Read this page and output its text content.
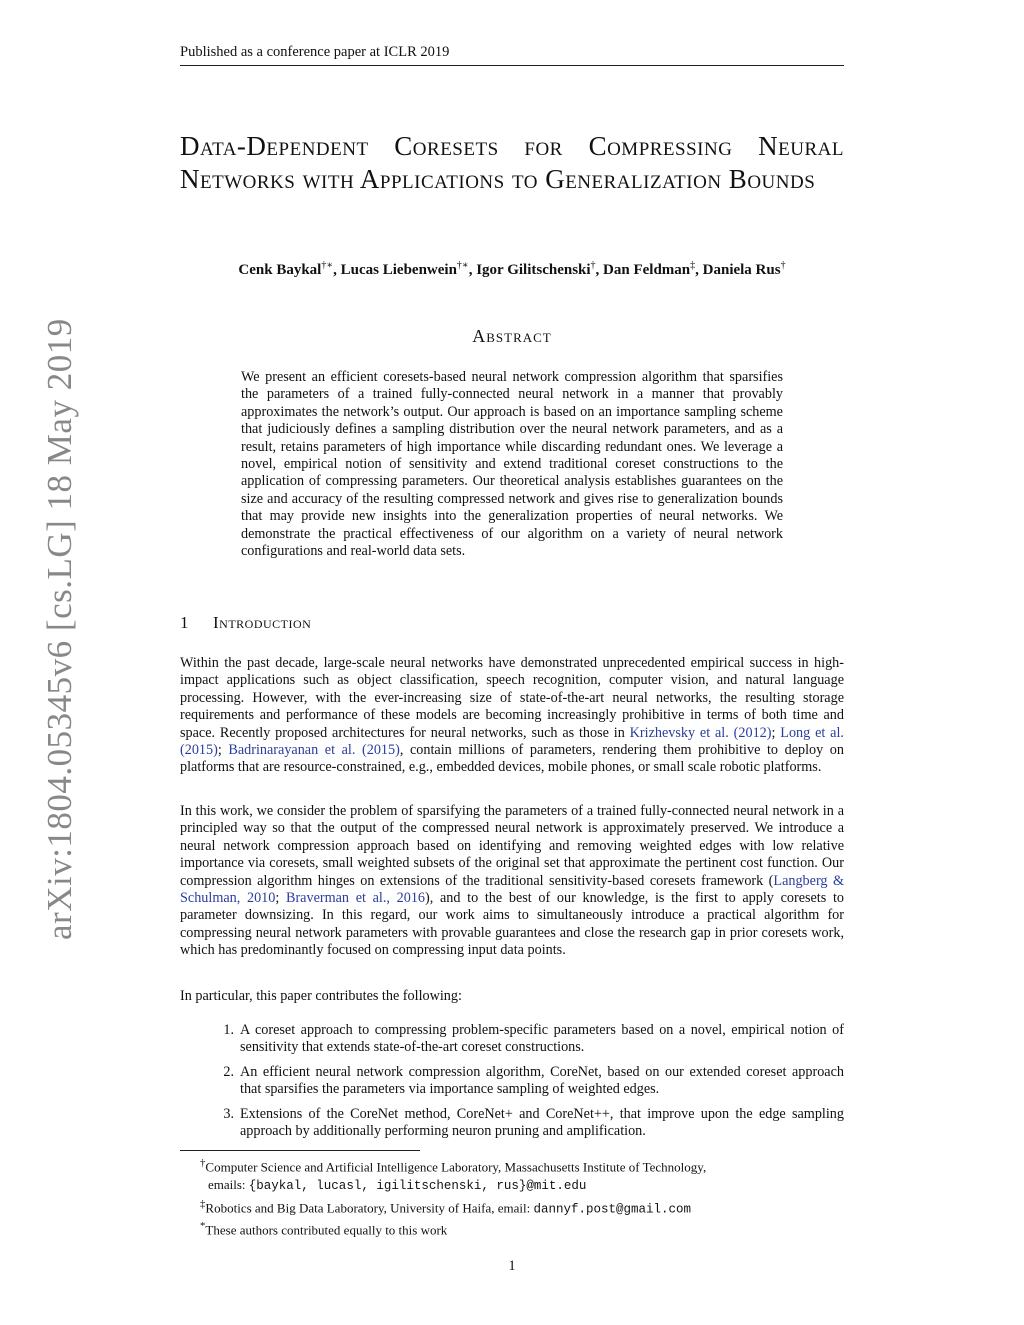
Published as a conference paper at ICLR 2019
arXiv:1804.05345v6 [cs.LG] 18 May 2019
Data-Dependent Coresets for Compressing Neural Networks with Applications to Generalization Bounds
Cenk Baykal†∗, Lucas Liebenwein†∗, Igor Gilitschenski†, Dan Feldman‡, Daniela Rus†
Abstract
We present an efficient coresets-based neural network compression algorithm that sparsifies the parameters of a trained fully-connected neural network in a manner that provably approximates the network’s output. Our approach is based on an importance sampling scheme that judiciously defines a sampling distribution over the neural network parameters, and as a result, retains parameters of high importance while discarding redundant ones. We leverage a novel, empirical notion of sensitivity and extend traditional coreset constructions to the application of compressing parameters. Our theoretical analysis establishes guarantees on the size and accuracy of the resulting compressed network and gives rise to generalization bounds that may provide new insights into the generalization properties of neural networks. We demonstrate the practical effectiveness of our algorithm on a variety of neural network configurations and real-world data sets.
1 Introduction
Within the past decade, large-scale neural networks have demonstrated unprecedented empirical success in high-impact applications such as object classification, speech recognition, computer vision, and natural language processing. However, with the ever-increasing size of state-of-the-art neural networks, the resulting storage requirements and performance of these models are becoming increasingly prohibitive in terms of both time and space. Recently proposed architectures for neural networks, such as those in Krizhevsky et al. (2012); Long et al. (2015); Badrinarayanan et al. (2015), contain millions of parameters, rendering them prohibitive to deploy on platforms that are resource-constrained, e.g., embedded devices, mobile phones, or small scale robotic platforms.
In this work, we consider the problem of sparsifying the parameters of a trained fully-connected neural network in a principled way so that the output of the compressed neural network is approximately preserved. We introduce a neural network compression approach based on identifying and removing weighted edges with low relative importance via coresets, small weighted subsets of the original set that approximate the pertinent cost function. Our compression algorithm hinges on extensions of the traditional sensitivity-based coresets framework (Langberg & Schulman, 2010; Braverman et al., 2016), and to the best of our knowledge, is the first to apply coresets to parameter downsizing. In this regard, our work aims to simultaneously introduce a practical algorithm for compressing neural network parameters with provable guarantees and close the research gap in prior coresets work, which has predominantly focused on compressing input data points.
In particular, this paper contributes the following:
1. A coreset approach to compressing problem-specific parameters based on a novel, empirical notion of sensitivity that extends state-of-the-art coreset constructions.
2. An efficient neural network compression algorithm, CoreNet, based on our extended coreset approach that sparsifies the parameters via importance sampling of weighted edges.
3. Extensions of the CoreNet method, CoreNet+ and CoreNet++, that improve upon the edge sampling approach by additionally performing neuron pruning and amplification.
†Computer Science and Artificial Intelligence Laboratory, Massachusetts Institute of Technology,
emails: {baykal, lucasl, igilitschenski, rus}@mit.edu
‡Robotics and Big Data Laboratory, University of Haifa, email: dannyf.post@gmail.com
*These authors contributed equally to this work
1
